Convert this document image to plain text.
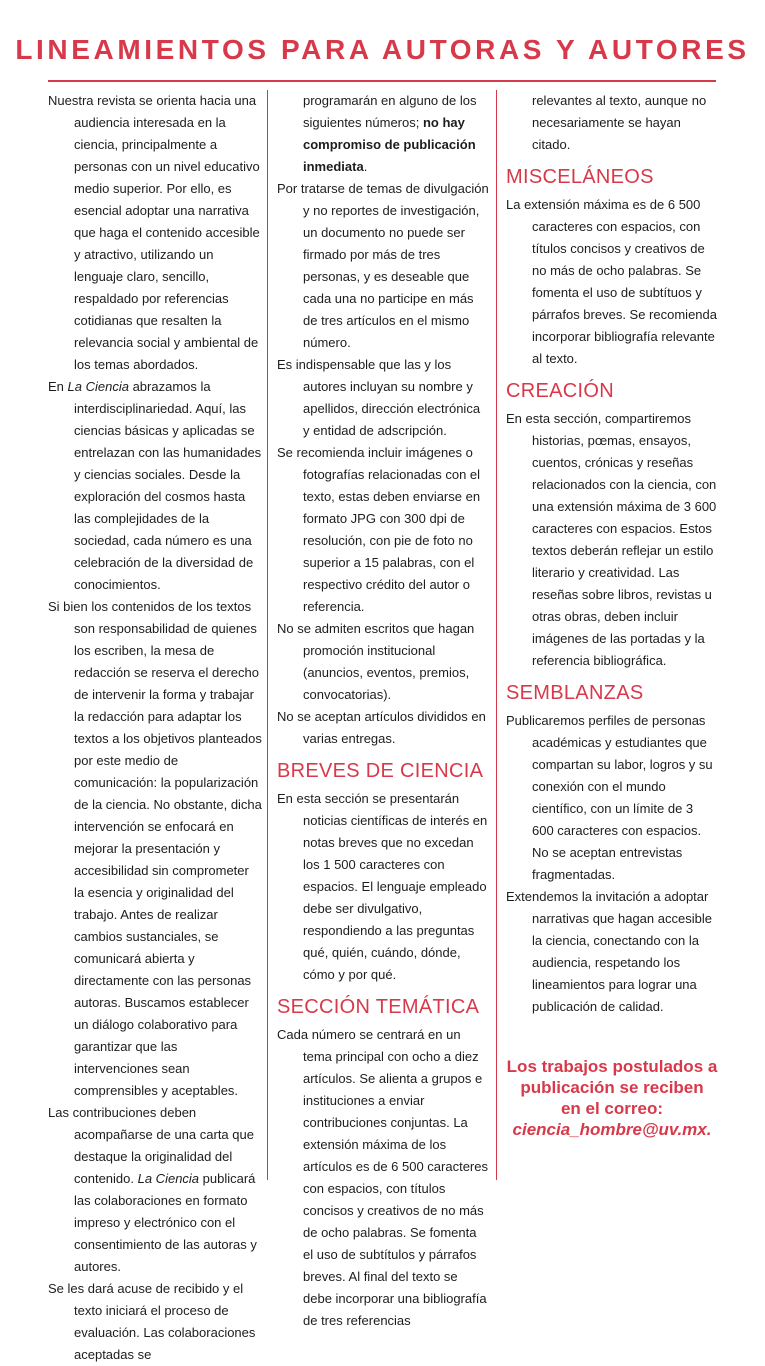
LINEAMIENTOS PARA AUTORAS Y AUTORES

Nuestra revista se orienta hacia una audiencia interesada en la ciencia, principalmente a personas con un nivel educativo medio superior. Por ello, es esencial adoptar una narrativa que haga el contenido accesible y atractivo, utilizando un lenguaje claro, sencillo, respaldado por referencias cotidianas que resalten la relevancia social y ambiental de los temas abordados.

En La Ciencia abrazamos la interdisciplinariedad. Aquí, las ciencias básicas y aplicadas se entrelazan con las humanidades y ciencias sociales. Desde la exploración del cosmos hasta las complejidades de la sociedad, cada número es una celebración de la diversidad de conocimientos.

Si bien los contenidos de los textos son responsabilidad de quienes los escriben, la mesa de redacción se reserva el derecho de intervenir la forma y trabajar la redacción para adaptar los textos a los objetivos planteados por este medio de comunicación: la popularización de la ciencia. No obstante, dicha intervención se enfocará en mejorar la presentación y accesibilidad sin comprometer la esencia y originalidad del trabajo. Antes de realizar cambios sustanciales, se comunicará abierta y directamente con las personas autoras. Buscamos establecer un diálogo colaborativo para garantizar que las intervenciones sean comprensibles y aceptables.

Las contribuciones deben acompañarse de una carta que destaque la originalidad del contenido. La Ciencia publicará las colaboraciones en formato impreso y electrónico con el consentimiento de las autoras y autores.

Se les dará acuse de recibido y el texto iniciará el proceso de evaluación. Las colaboraciones aceptadas se

programarán en alguno de los siguientes números; no hay compromiso de publicación inmediata.

Por tratarse de temas de divulgación y no reportes de investigación, un documento no puede ser firmado por más de tres personas, y es deseable que cada una no participe en más de tres artículos en el mismo número.

Es indispensable que las y los autores incluyan su nombre y apellidos, dirección electrónica y entidad de adscripción.

Se recomienda incluir imágenes o fotografías relacionadas con el texto, estas deben enviarse en formato JPG con 300 dpi de resolución, con pie de foto no superior a 15 palabras, con el respectivo crédito del autor o referencia.

No se admiten escritos que hagan promoción institucional (anuncios, eventos, premios, convocatorias).

No se aceptan artículos divididos en varias entregas.

BREVES DE CIENCIA

En esta sección se presentarán noticias científicas de interés en notas breves que no excedan los 1 500 caracteres con espacios. El lenguaje empleado debe ser divulgativo, respondiendo a las preguntas qué, quién, cuándo, dónde, cómo y por qué.

SECCIÓN TEMÁTICA

Cada número se centrará en un tema principal con ocho a diez artículos. Se alienta a grupos e instituciones a enviar contribuciones conjuntas. La extensión máxima de los artículos es de 6 500 caracteres con espacios, con títulos concisos y creativos de no más de ocho palabras. Se fomenta el uso de subtítulos y párrafos breves. Al final del texto se debe incorporar una bibliografía de tres referencias

relevantes al texto, aunque no necesariamente se hayan citado.

MISCELÁNEOS

La extensión máxima es de 6 500 caracteres con espacios, con títulos concisos y creativos de no más de ocho palabras. Se fomenta el uso de subtítuos y párrafos breves. Se recomienda incorporar bibliografía relevante al texto.

CREACIÓN

En esta sección, compartiremos historias, pœmas, ensayos, cuentos, crónicas y reseñas relacionados con la ciencia, con una extensión máxima de 3 600 caracteres con espacios. Estos textos deberán reflejar un estilo literario y creatividad. Las reseñas sobre libros, revistas u otras obras, deben incluir imágenes de las portadas y la referencia bibliográfica.

SEMBLANZAS

Publicaremos perfiles de personas académicas y estudiantes que compartan su labor, logros y su conexión con el mundo científico, con un límite de 3 600 caracteres con espacios. No se aceptan entrevistas fragmentadas.

Extendemos la invitación a adoptar narrativas que hagan accesible la ciencia, conectando con la audiencia, respetando los lineamientos para lograr una publicación de calidad.

Los trabajos postulados a
publicación se reciben
en el correo:
ciencia_hombre@uv.mx.
